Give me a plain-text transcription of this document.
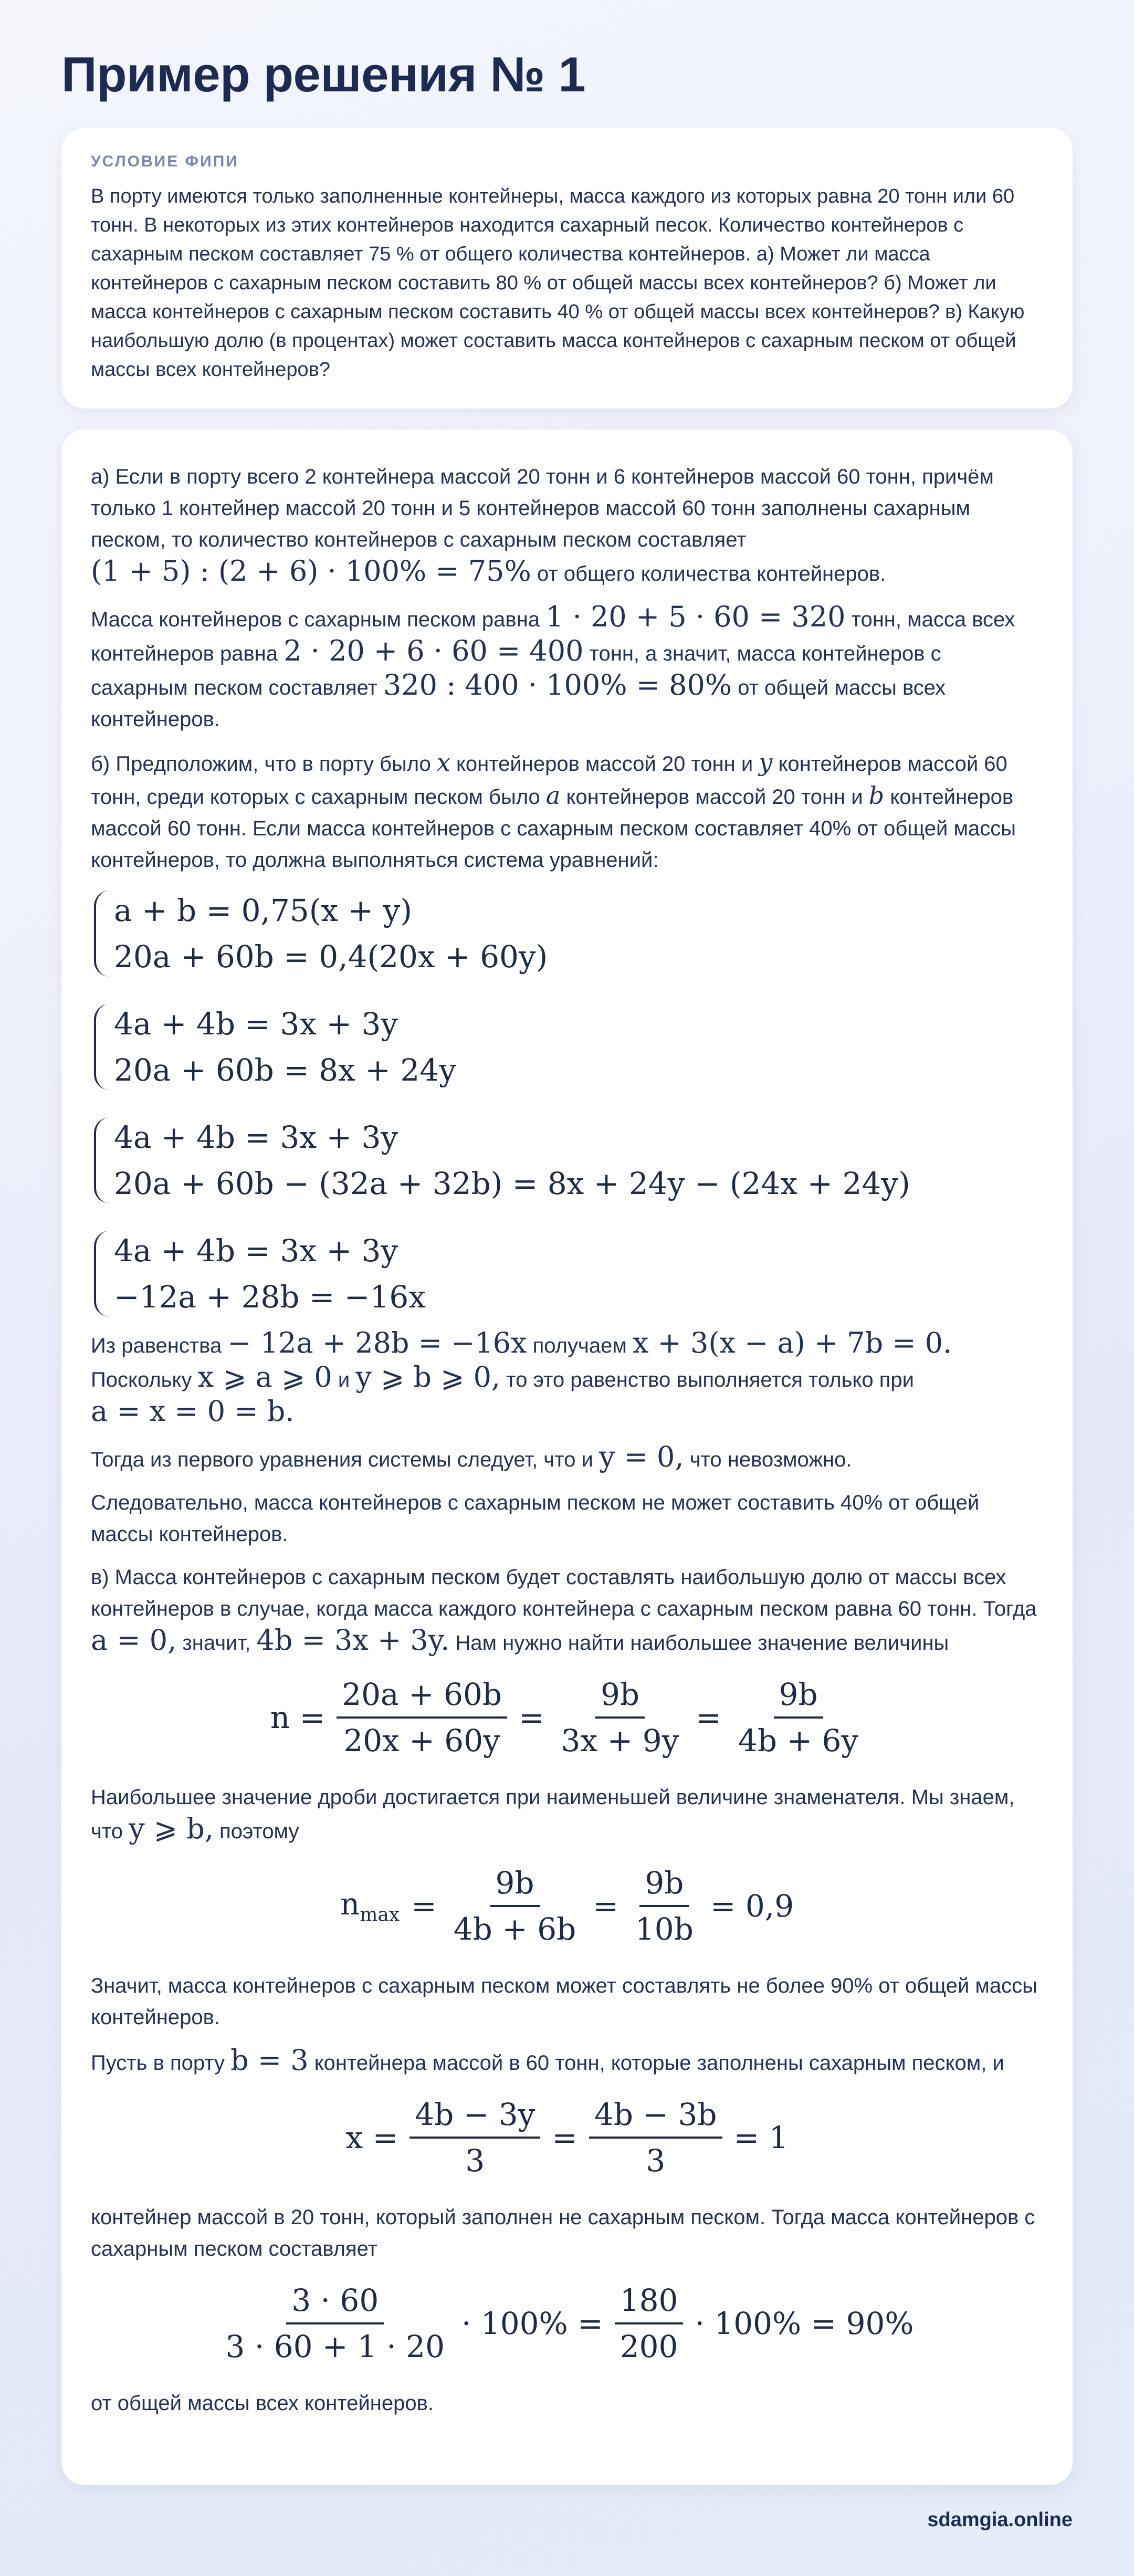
Пример решения № 1
УСЛОВИЕ ФИПИ
В порту имеются только заполненные контейнеры, масса каждого из которых равна 20 тонн или 60 тонн. В некоторых из этих контейнеров находится сахарный песок. Количество контейнеров с сахарным песком составляет 75 % от общего количества контейнеров. а) Может ли масса контейнеров с сахарным песком составить 80 % от общей массы всех контейнеров? б) Может ли масса контейнеров с сахарным песком составить 40 % от общей массы всех контейнеров? в) Какую наибольшую долю (в процентах) может составить масса контейнеров с сахарным песком от общей массы всех контейнеров?

а) Если в порту всего 2 контейнера массой 20 тонн и 6 контейнеров массой 60 тонн, причём только 1 контейнер массой 20 тонн и 5 контейнеров массой 60 тонн заполнены сахарным песком, то количество контейнеров с сахарным песком составляет
(1 + 5) : (2 + 6) · 100% = 75% от общего количества контейнеров.

Масса контейнеров с сахарным песком равна 1 · 20 + 5 · 60 = 320 тонн, масса всех контейнеров равна 2 · 20 + 6 · 60 = 400 тонн, а значит, масса контейнеров с сахарным песком составляет 320 : 400 · 100% = 80% от общей массы всех контейнеров.

б) Предположим, что в порту было x контейнеров массой 20 тонн и y контейнеров массой 60 тонн, среди которых с сахарным песком было a контейнеров массой 20 тонн и b контейнеров массой 60 тонн. Если масса контейнеров с сахарным песком составляет 40% от общей массы контейнеров, то должна выполняться система уравнений:

a + b = 0,75(x + y)
20a + 60b = 0,4(20x + 60y)
4a + 4b = 3x + 3y
20a + 60b = 8x + 24y
4a + 4b = 3x + 3y
20a + 60b − (32a + 32b) = 8x + 24y − (24x + 24y)
4a + 4b = 3x + 3y
−12a + 28b = −16x

Из равенства − 12a + 28b = −16x получаем x + 3(x − a) + 7b = 0.
Поскольку x ⩾ a ⩾ 0 и y ⩾ b ⩾ 0, то это равенство выполняется только при
a = x = 0 = b.

Тогда из первого уравнения системы следует, что и y = 0, что невозможно.

Следовательно, масса контейнеров с сахарным песком не может составить 40% от общей массы контейнеров.

в) Масса контейнеров с сахарным песком будет составлять наибольшую долю от массы всех контейнеров в случае, когда масса каждого контейнера с сахарным песком равна 60 тонн. Тогда a = 0, значит, 4b = 3x + 3y. Нам нужно найти наибольшее значение величины

$n = \frac{20a + 60b}{20x + 60y} = \frac{9b}{3x + 9y} = \frac{9b}{4b + 6y}$

Наибольшее значение дроби достигается при наименьшей величине знаменателя. Мы знаем, что y ⩾ b, поэтому

$n_{max} = \frac{9b}{4b + 6b} = \frac{9b}{10b} = 0,9$

Значит, масса контейнеров с сахарным песком может составлять не более 90% от общей массы контейнеров.

Пусть в порту b = 3 контейнера массой в 60 тонн, которые заполнены сахарным песком, и

$x = \frac{4b - 3y}{3} = \frac{4b - 3b}{3} = 1$

контейнер массой в 20 тонн, который заполнен не сахарным песком. Тогда масса контейнеров с сахарным песком составляет

$\frac{3 \cdot 60}{3 \cdot 60 + 1 \cdot 20} \cdot 100\% = \frac{180}{200} \cdot 100\% = 90\%$

от общей массы всех контейнеров.

sdamgia.online
